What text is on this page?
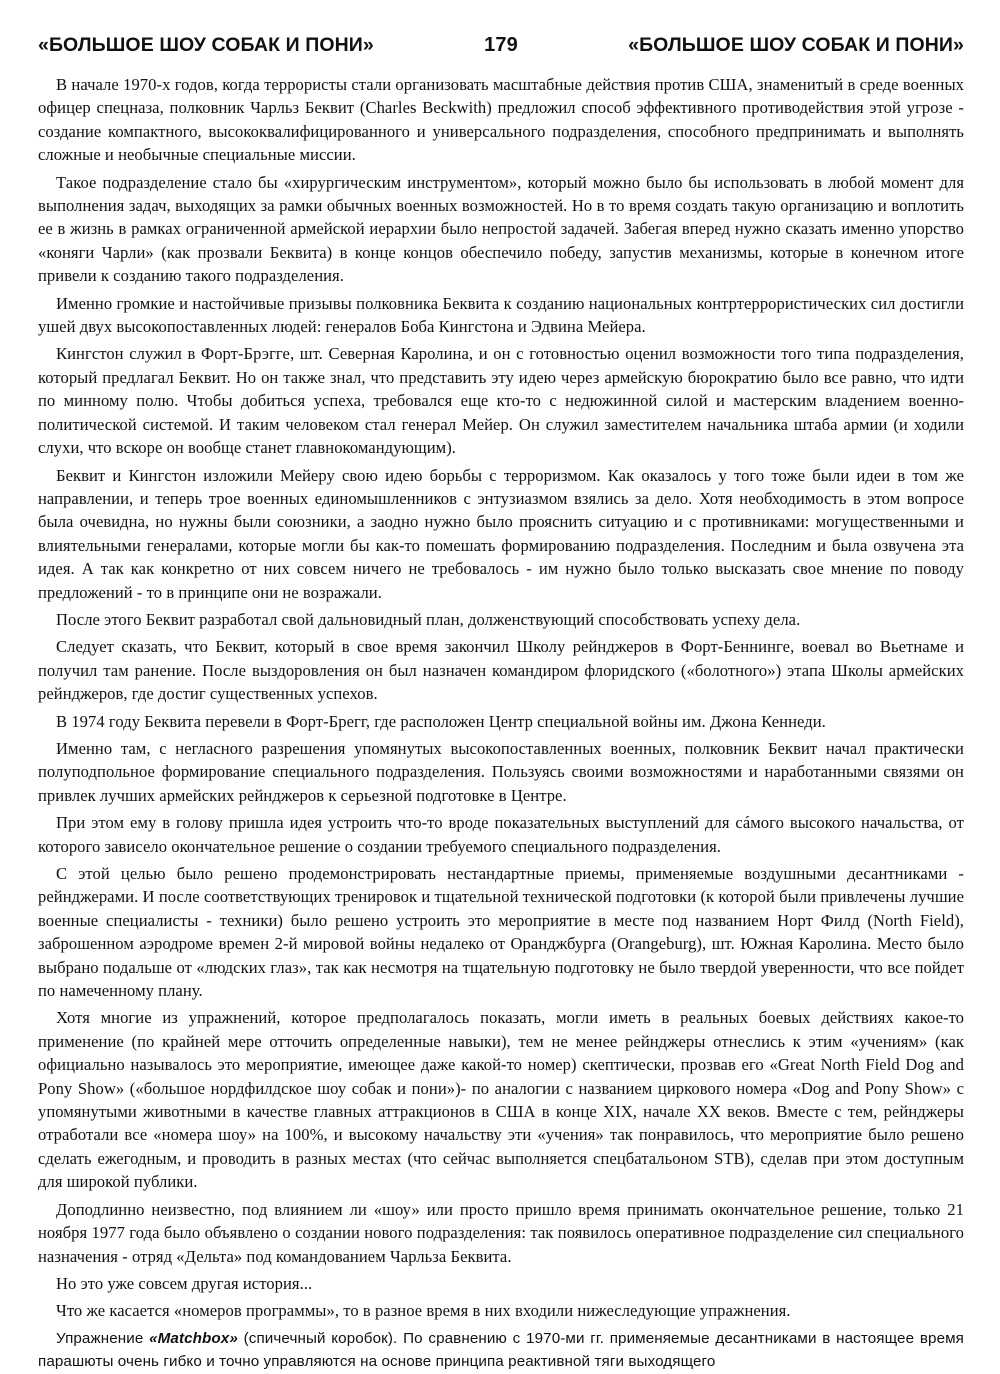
«БОЛЬШОЕ ШОУ СОБАК И ПОНИ»	179	«БОЛЬШОЕ ШОУ СОБАК И ПОНИ»

В начале 1970-х годов, когда террористы стали организовать масштабные действия против США, знаменитый в среде военных офицер спецназа, полковник Чарльз Беквит (Charles Beckwith) предложил способ эффективного противодействия этой угрозе - создание компактного, высококвалифицированного и универсального подразделения, способного предпринимать и выполнять сложные и необычные специальные миссии.

Такое подразделение стало бы «хирургическим инструментом», который можно было бы использовать в любой момент для выполнения задач, выходящих за рамки обычных военных возможностей. Но в то время создать такую организацию и воплотить ее в жизнь в рамках ограниченной армейской иерархии было непростой задачей. Забегая вперед нужно сказать именно упорство «коняги Чарли» (как прозвали Беквита) в конце концов обеспечило победу, запустив механизмы, которые в конечном итоге привели к созданию такого подразделения.

Именно громкие и настойчивые призывы полковника Беквита к созданию национальных контртеррористических сил достигли ушей двух высокопоставленных людей: генералов Боба Кингстона и Эдвина Мейера.

Кингстон служил в Форт-Брэгге, шт. Северная Каролина, и он с готовностью оценил возможности того типа подразделения, который предлагал Беквит. Но он также знал, что представить эту идею через армейскую бюрократию было все равно, что идти по минному полю. Чтобы добиться успеха, требовался еще кто-то с недюжинной силой и мастерским владением военно-политической системой. И таким человеком стал генерал Мейер. Он служил заместителем начальника штаба армии (и ходили слухи, что вскоре он вообще станет главнокомандующим).

Беквит и Кингстон изложили Мейеру свою идею борьбы с терроризмом. Как оказалось у того тоже были идеи в том же направлении, и теперь трое военных единомышленников с энтузиазмом взялись за дело. Хотя необходимость в этом вопросе была очевидна, но нужны были союзники, а заодно нужно было прояснить ситуацию и с противниками: могущественными и влиятельными генералами, которые могли бы как-то помешать формированию подразделения. Последним и была озвучена эта идея. А так как конкретно от них совсем ничего не требовалось - им нужно было только высказать свое мнение по поводу предложений - то в принципе они не возражали.

После этого Беквит разработал свой дальновидный план, долженствующий способствовать успеху дела.

Следует сказать, что Беквит, который в свое время закончил Школу рейнджеров в Форт-Беннинге, воевал во Вьетнаме и получил там ранение. После выздоровления он был назначен командиром флоридского («болотного») этапа Школы армейских рейнджеров, где достиг существенных успехов.

В 1974 году Беквита перевели в Форт-Брегг, где расположен Центр специальной войны им. Джона Кеннеди.

Именно там, с негласного разрешения упомянутых высокопоставленных военных, полковник Беквит начал практически полуподпольное формирование специального подразделения. Пользуясь своими возможностями и наработанными связями он привлек лучших армейских рейнджеров к серьезной подготовке в Центре.

При этом ему в голову пришла идея устроить что-то вроде показательных выступлений для сáмого высокого начальства, от которого зависело окончательное решение о создании требуемого специального подразделения.

С этой целью было решено продемонстрировать нестандартные приемы, применяемые воздушными десантниками - рейнджерами. И после соответствующих тренировок и тщательной технической подготовки (к которой были привлечены лучшие военные специалисты - техники) было решено устроить это мероприятие в месте под названием Норт Филд (North Field), заброшенном аэродроме времен 2-й мировой войны недалеко от Оранджбурга (Orangeburg), шт. Южная Каролина. Место было выбрано подальше от «людских глаз», так как несмотря на тщательную подготовку не было твердой уверенности, что все пойдет по намеченному плану.

Хотя многие из упражнений, которое предполагалось показать, могли иметь в реальных боевых действиях какое-то применение (по крайней мере отточить определенные навыки), тем не менее рейнджеры отнеслись к этим «учениям» (как официально называлось это мероприятие, имеющее даже какой-то номер) скептически, прозвав его «Great North Field Dog and Pony Show» («большое нордфилдское шоу собак и пони»)- по аналогии с названием циркового номера «Dog and Pony Show» с упомянутыми животными в качестве главных аттракционов в США в конце XIX, начале XX веков. Вместе с тем, рейнджеры отработали все «номера шоу» на 100%, и высокому начальству эти «учения» так понравилось, что мероприятие было решено сделать ежегодным, и проводить в разных местах (что сейчас выполняется спецбатальоном STB), сделав при этом доступным для широкой публики.

Доподлинно неизвестно, под влиянием ли «шоу» или просто пришло время принимать окончательное решение, только 21 ноября 1977 года было объявлено о создании нового подразделения: так появилось оперативное подразделение сил специального назначения - отряд «Дельта» под командованием Чарльза Беквита.

Но это уже совсем другая история...

Что же касается «номеров программы», то в разное время в них входили нижеследующие упражнения.

Упражнение «Matchbox» (спичечный коробок). По сравнению с 1970-ми гг. применяемые десантниками в настоящее время парашюты очень гибко и точно управляются на основе принципа реактивной тяги выходящего
